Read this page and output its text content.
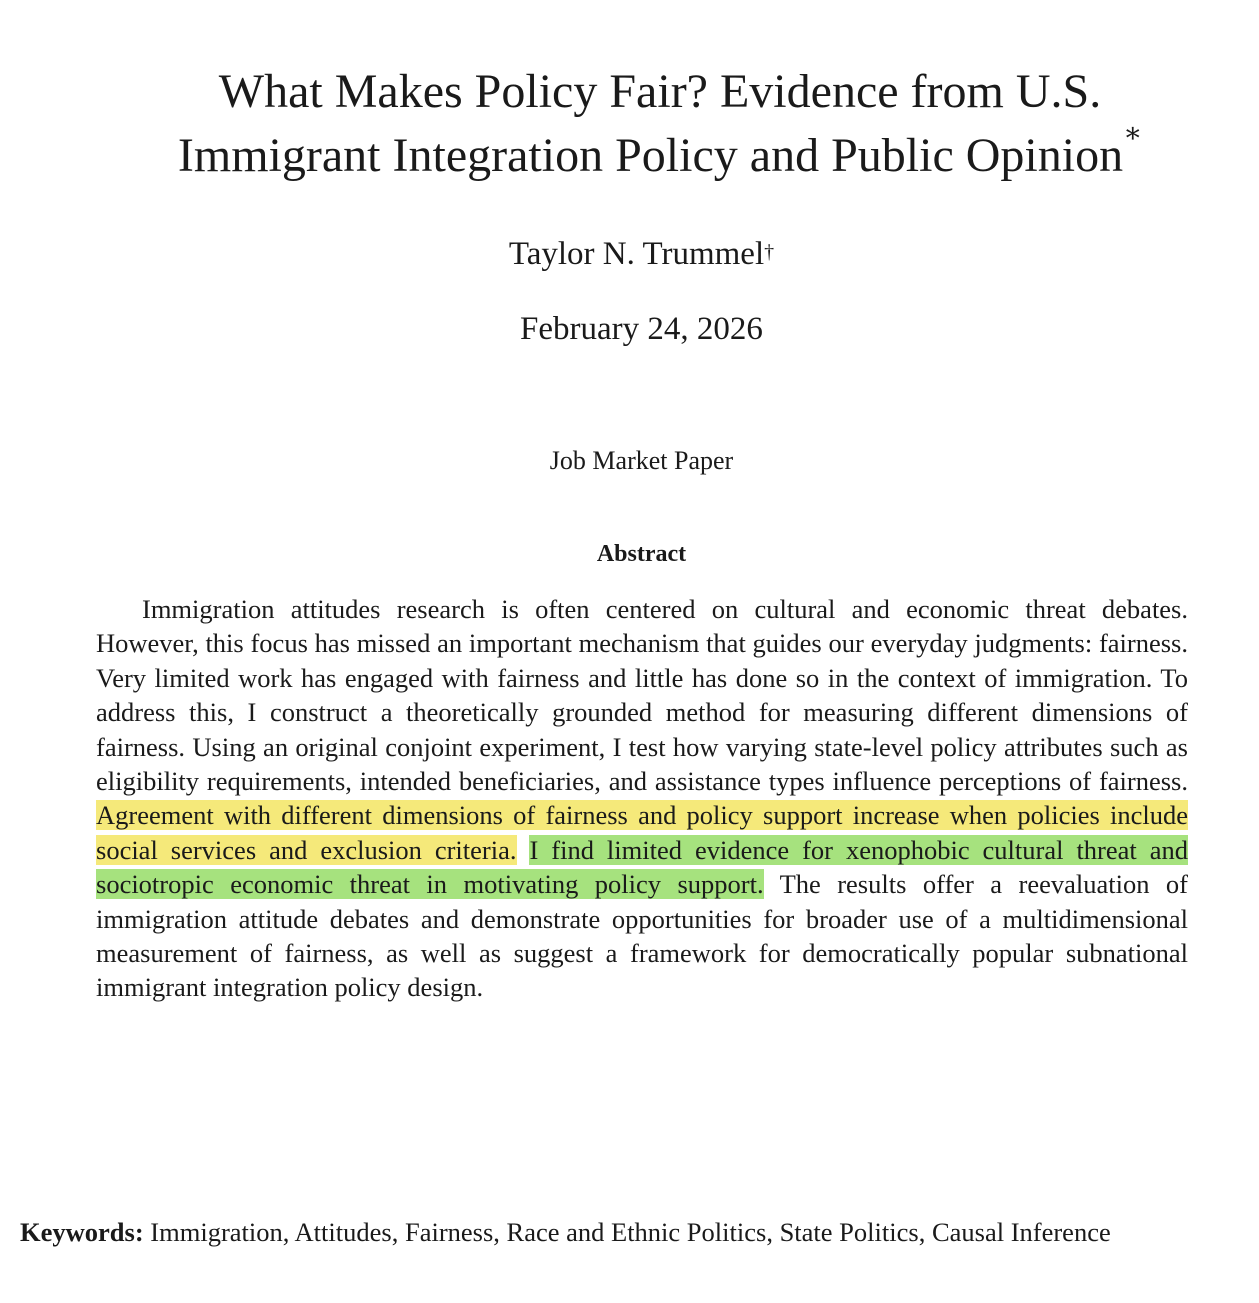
What Makes Policy Fair? Evidence from U.S.
Immigrant Integration Policy and Public Opinion∗
Taylor N. Trummel†
February 24, 2026
Job Market Paper
Abstract

Immigration attitudes research is often centered on cultural and economic threat debates. However, this focus has missed an important mechanism that guides our everyday judgments: fairness. Very limited work has engaged with fairness and little has done so in the context of immigration. To address this, I construct a theoretically grounded method for measuring different dimensions of fairness. Using an original conjoint experiment, I test how varying state-level policy attributes such as eligibility requirements, intended beneficiaries, and assistance types influence perceptions of fairness. Agreement with different dimensions of fairness and policy support increase when policies include social services and exclusion criteria. I find limited evidence for xenophobic cultural threat and sociotropic economic threat in motivating policy support. The results offer a reevaluation of immigration attitude debates and demonstrate opportunities for broader use of a multidimensional measurement of fairness, as well as suggest a framework for democratically popular subnational immigrant integration policy design.

Keywords: Immigration, Attitudes, Fairness, Race and Ethnic Politics, State Politics, Causal Inference
